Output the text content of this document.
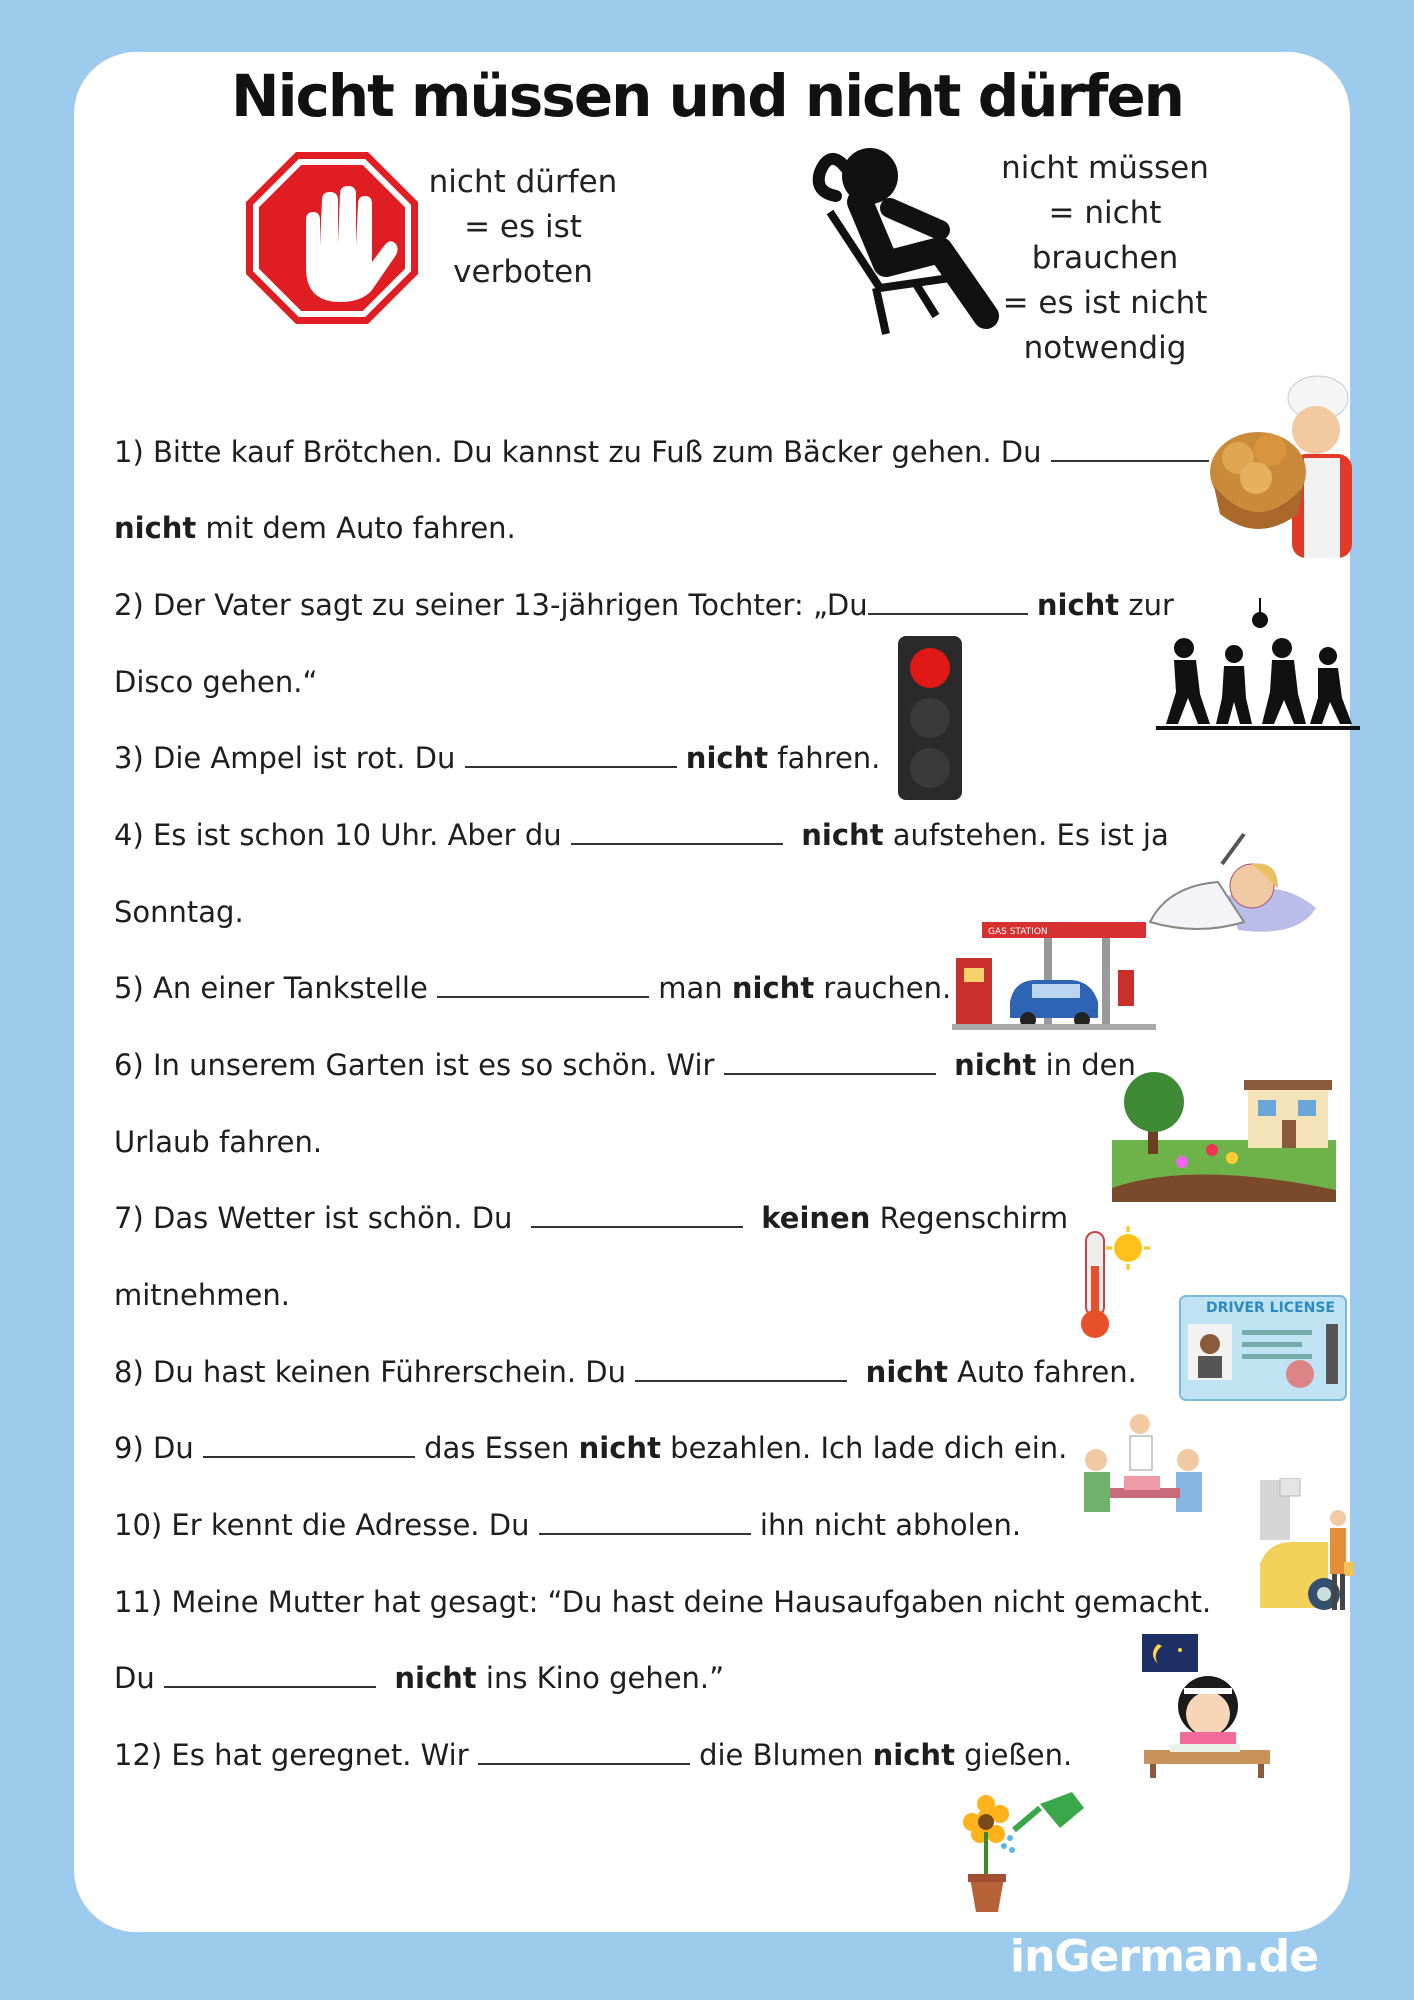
Nicht müssen und nicht dürfen
nicht dürfen
= es ist
verboten
nicht müssen
= nicht
brauchen
= es ist nicht
notwendig
1) Bitte kauf Brötchen. Du kannst zu Fuß zum Bäcker gehen. Du
nicht mit dem Auto fahren.
2) Der Vater sagt zu seiner 13-jährigen Tochter: „Du	nicht zur
Disco gehen.“
3) Die Ampel ist rot. Du	nicht fahren.
4) Es ist schon 10 Uhr. Aber du	nicht aufstehen. Es ist ja
Sonntag.
5) An einer Tankstelle	man nicht rauchen.
6) In unserem Garten ist es so schön. Wir	nicht in den
Urlaub fahren.
7) Das Wetter ist schön. Du	keinen Regenschirm
mitnehmen.
8) Du hast keinen Führerschein. Du	nicht Auto fahren.
9) Du	das Essen nicht bezahlen. Ich lade dich ein.
10) Er kennt die Adresse. Du	ihn nicht abholen.
11) Meine Mutter hat gesagt: “Du hast deine Hausaufgaben nicht gemacht.
Du	nicht ins Kino gehen.”
12) Es hat geregnet. Wir	die Blumen nicht gießen.
GAS STATION
DRIVER LICENSE
inGerman.de
